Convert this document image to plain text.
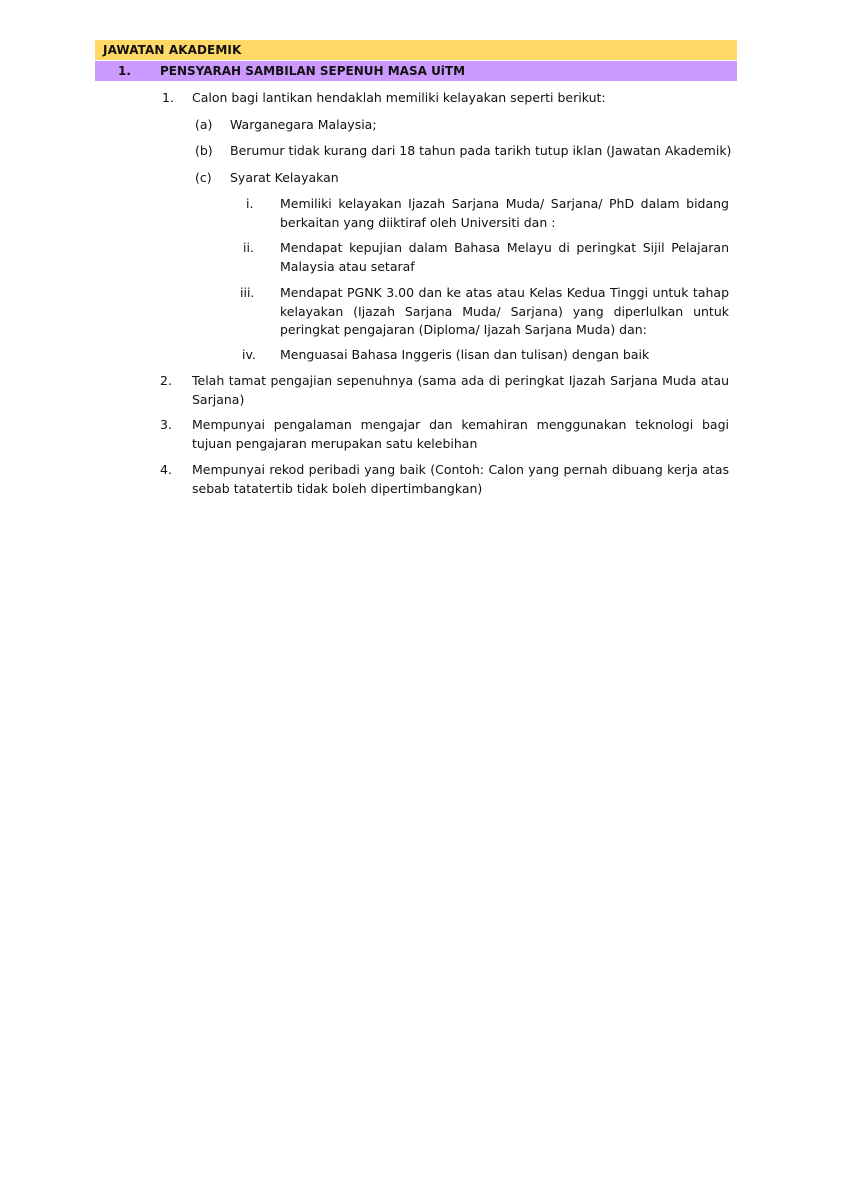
JAWATAN AKADEMIK
1. PENSYARAH SAMBILAN SEPENUH MASA UiTM
1. Calon bagi lantikan hendaklah memiliki kelayakan seperti berikut:
(a) Warganegara Malaysia;
(b) Berumur tidak kurang dari 18 tahun pada tarikh tutup iklan (Jawatan Akademik)
(c) Syarat Kelayakan
i. Memiliki kelayakan Ijazah Sarjana Muda/ Sarjana/ PhD dalam bidang berkaitan yang diiktiraf oleh Universiti dan :
ii. Mendapat kepujian dalam Bahasa Melayu di peringkat Sijil Pelajaran Malaysia atau setaraf
iii. Mendapat PGNK 3.00 dan ke atas atau Kelas Kedua Tinggi untuk tahap kelayakan (Ijazah Sarjana Muda/ Sarjana) yang diperlulkan untuk peringkat pengajaran (Diploma/ Ijazah Sarjana Muda) dan:
iv. Menguasai Bahasa Inggeris (lisan dan tulisan) dengan baik
2. Telah tamat pengajian sepenuhnya (sama ada di peringkat Ijazah Sarjana Muda atau Sarjana)
3. Mempunyai pengalaman mengajar dan kemahiran menggunakan teknologi bagi tujuan pengajaran merupakan satu kelebihan
4. Mempunyai rekod peribadi yang baik (Contoh: Calon yang pernah dibuang kerja atas sebab tatatertib tidak boleh dipertimbangkan)
